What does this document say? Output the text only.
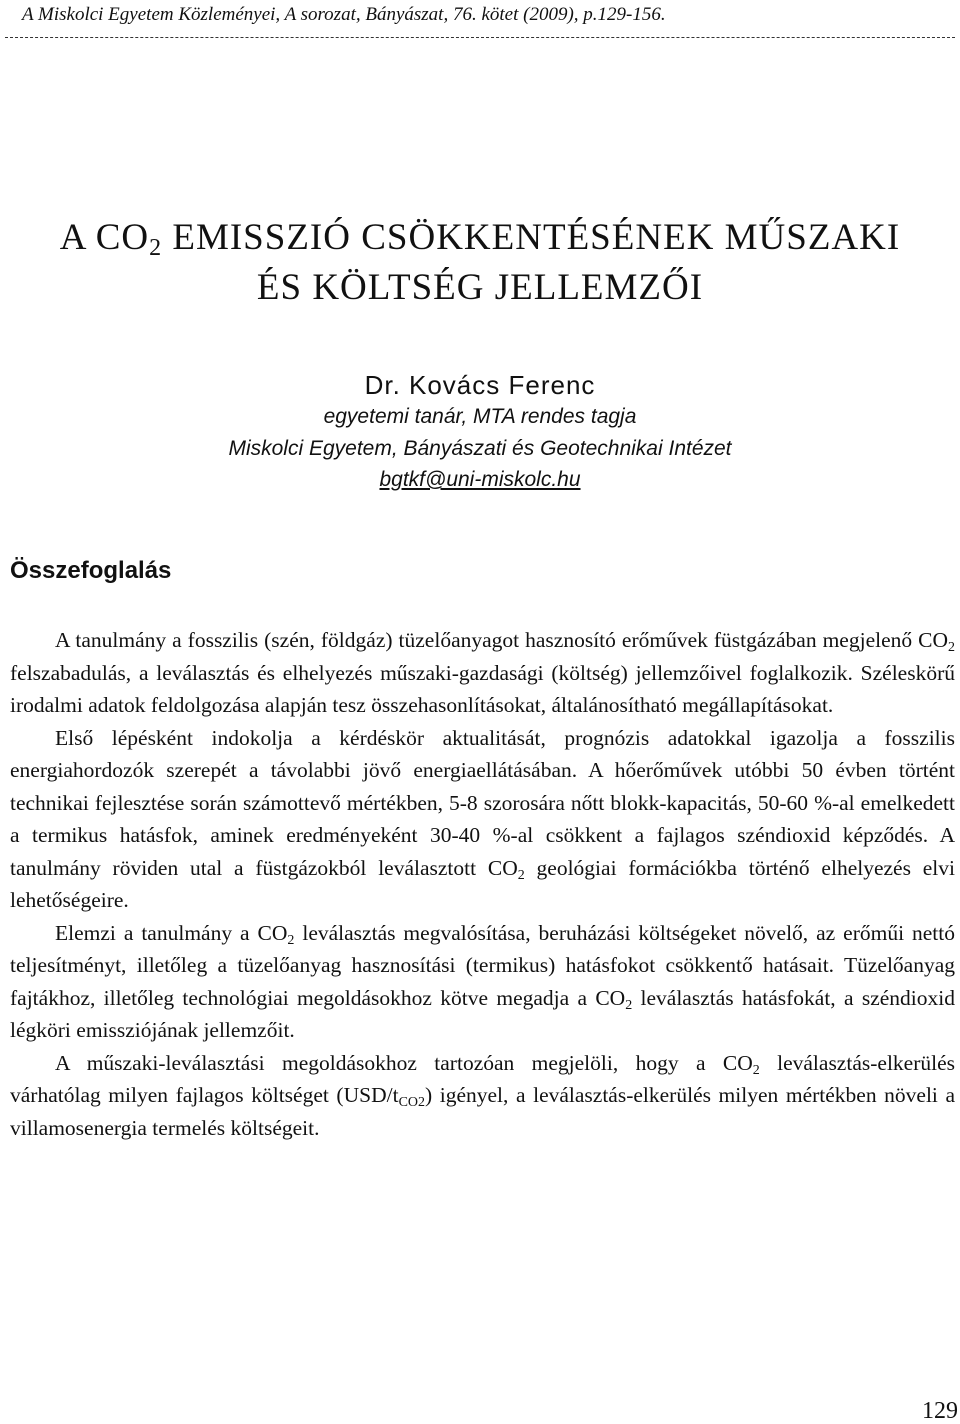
A Miskolci Egyetem Közleményei, A sorozat, Bányászat, 76. kötet (2009), p.129-156.
A $CO_2$ EMISSZIÓ CSÖKKENTÉSÉNEK MŰSZAKI
ÉS KÖLTSÉG JELLEMZŐI
Dr. Kovács Ferenc
egyetemi tanár, MTA rendes tagja
Miskolci Egyetem, Bányászati és Geotechnikai Intézet
bgtkf@uni-miskolc.hu
Összefoglalás

A tanulmány a fosszilis (szén, földgáz) tüzelőanyagot hasznosító erőművek füstgázában megjelenő $CO_2$ felszabadulás, a leválasztás és elhelyezés műszaki-gazdasági (költség) jellemzőivel foglalkozik. Széleskörű irodalmi adatok feldolgozása alapján tesz összehasonlításokat, általánosítható megállapításokat.

Első lépésként indokolja a kérdéskör aktualitását, prognózis adatokkal igazolja a fosszilis energiahordozók szerepét a távolabbi jövő energiaellátásában. A hőerőművek utóbbi 50 évben történt technikai fejlesztése során számottevő mértékben, 5-8 szorosára nőtt blokk-kapacitás, 50-60 %-al emelkedett a termikus hatásfok, aminek eredményeként 30-40 %-al csökkent a fajlagos széndioxid képződés. A tanulmány röviden utal a füstgázokból leválasztott $CO_2$ geológiai formációkba történő elhelyezés elvi lehetőségeire.

Elemzi a tanulmány a $CO_2$ leválasztás megvalósítása, beruházási költségeket növelő, az erőműi nettó teljesítményt, illetőleg a tüzelőanyag hasznosítási (termikus) hatásfokot csökkentő hatásait. Tüzelőanyag fajtákhoz, illetőleg technológiai megoldásokhoz kötve megadja a $CO_2$ leválasztás hatásfokát, a széndioxid légköri emissziójának jellemzőit.

A műszaki-leválasztási megoldásokhoz tartozóan megjelöli, hogy a $CO_2$ leválasztás-elkerülés várhatólag milyen fajlagos költséget $(USD/t_{CO2})$ igényel, a leválasztás-elkerülés milyen mértékben növeli a villamosenergia termelés költségeit.

129
